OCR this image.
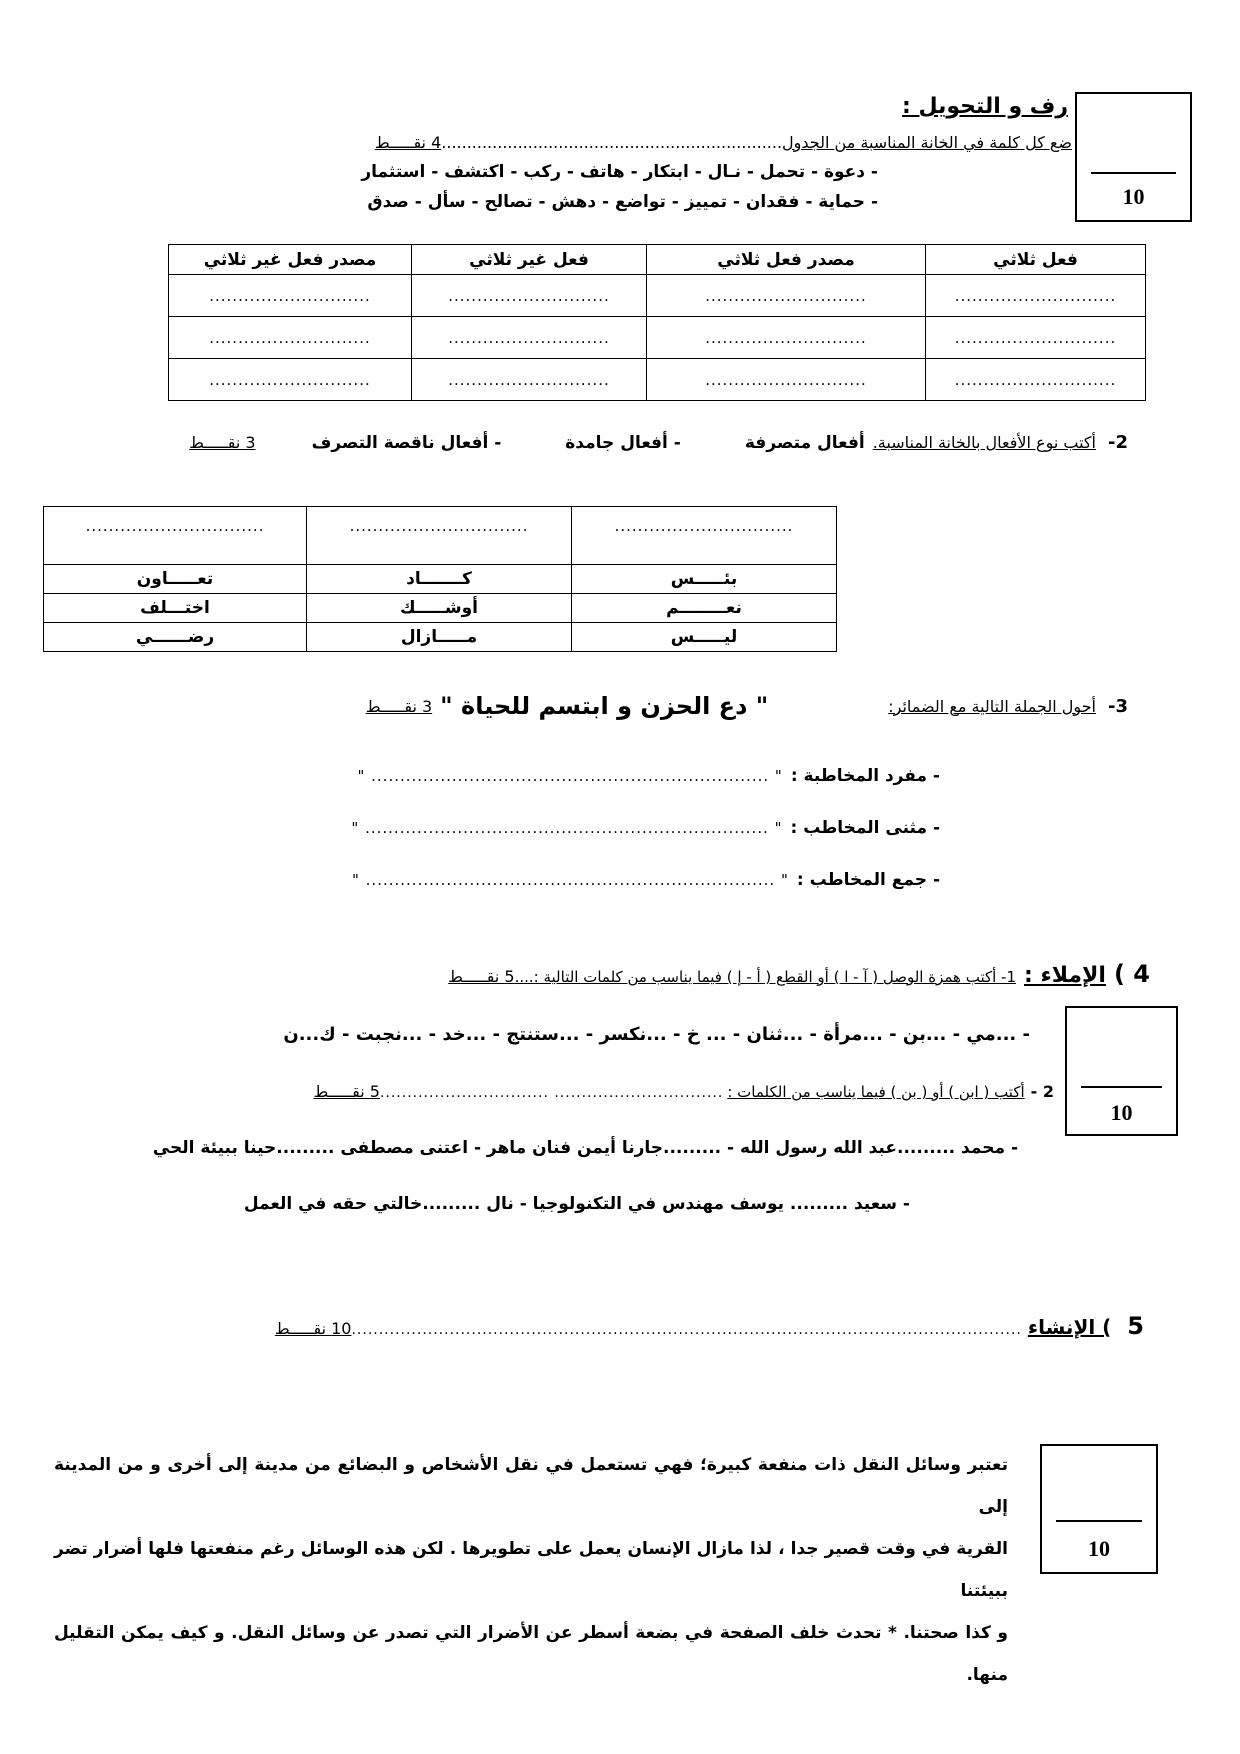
10
رف و التحويل :
ضع كل كلمة في الخانة المناسبة من الجدول
...................................................................
4 نقـــــط
- دعوة - تحمل - نـال - ابتكار - هاتف - ركب - اكتشف - استثمار
- حماية - فقدان - تمييز - تواضع - دهش - تصالح - سأل - صدق
فعل ثلاثي	مصدر فعل ثلاثي	فعل غير ثلاثي	مصدر فعل غير ثلاثي
............................	............................	............................	............................
............................	............................	............................	............................
............................	............................	............................	............................
2-
أكتب نوع الأفعال بالخانة المناسبة.
أفعال متصرفة
- أفعال جامدة
- أفعال ناقصة التصرف
3 نقـــــط
...............................	...............................	...............................
بئـــــس	كـــــــاد	تعـــــاون
نعــــــــم	أوشـــــك	اختـــلف
ليـــــس	مـــــازال	رضــــــي
3-
أحول الجملة التالية مع الضمائر:
" دع الحزن و ابتسم للحياة "
3 نقـــــط
- مفرد المخاطبة :
" ..................................................................... "
- مثنى المخاطب :
" ...................................................................... "
- جمع المخاطب :
" ....................................................................... "
4 )
الإملاء :
1- أكتب همزة الوصل ( آ - ا ) أو القطع ( أ - إ ) فيما يناسب من كلمات التالية :....
5 نقـــــط
10
- ...مي - ...بن - ...مرأة - ...ثنان - ... خ - ...نكسر - ...ستنتج - ...خد - ...نجبت - ك...ن
2 -
أكتب ( ابن ) أو ( بن ) فيما يناسب من الكلمات :
............................... ...............................
5 نقـــــط
- محمد .........عبد الله رسول الله - .........جارنا أيمن فنان ماهر - اعتنى مصطفى .........حينا ببيئة الحي
- سعيد ......... يوسف مهندس في التكنولوجيا - نال .........خالتي حقه في العمل
5
) الإنشاء
...........................................................................................................................
10 نقـــــط
10
تعتبر وسائل النقل ذات منفعة كبيرة؛ فهي تستعمل في نقل الأشخاص و البضائع من مدينة إلى أخرى و من المدينة إلى
القرية في وقت قصير جدا ، لذا مازال الإنسان يعمل على تطويرها . لكن هذه الوسائل رغم منفعتها فلها أضرار تضر ببيئتنا
و كذا صحتنا. * تحدث خلف الصفحة في بضعة أسطر عن الأضرار التي تصدر عن وسائل النقل. و كيف يمكن التقليل
منها.
